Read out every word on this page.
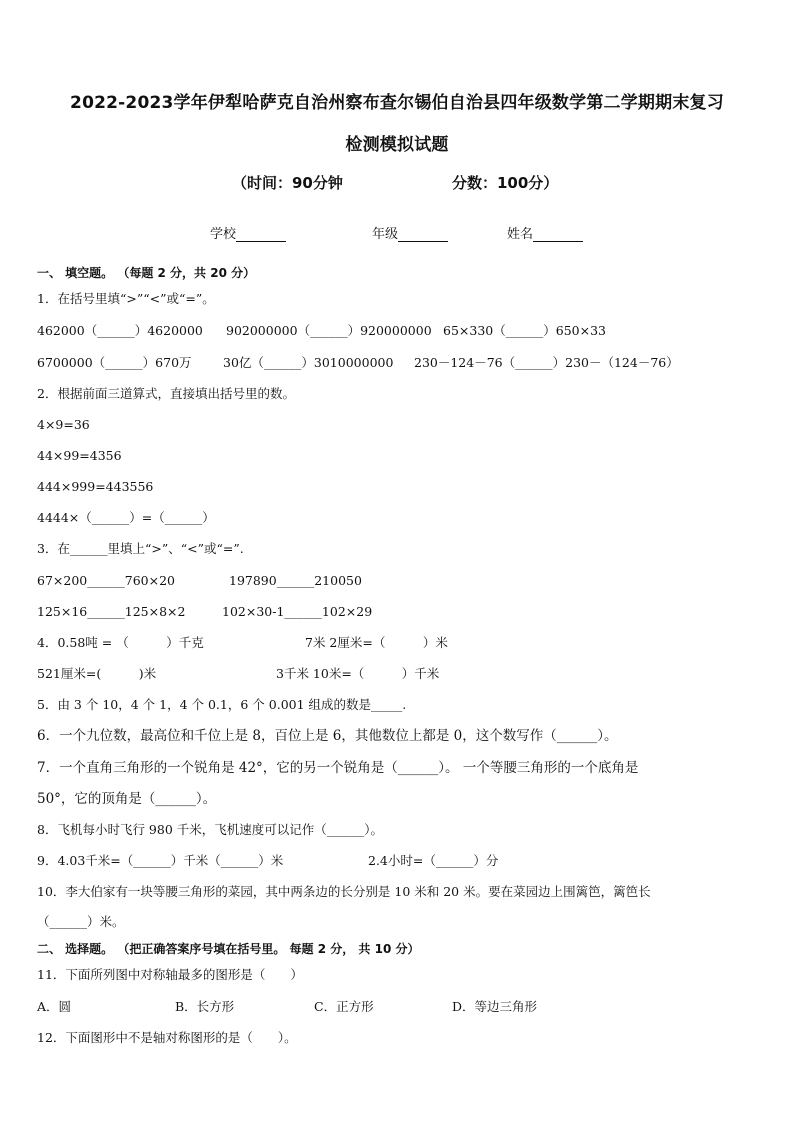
2022-2023学年伊犁哈萨克自治州察布查尔锡伯自治县四年级数学第二学期期末复习
检测模拟试题
（时间：90分钟	分数：100分）
学校	年级	姓名
一、 填空题。 （每题 2 分，共 20 分）
1．在括号里填“>”“<”或“=”。
462000（______）4620000 902000000（______）920000000 65×330（______）650×33
6700000（______）670万	30亿（______）3010000000 230－124－76（______）230－（124－76）
2．根据前面三道算式，直接填出括号里的数。
4×9=36
44×99=4356
444×999=443556
4444×（______）=（______）
3．在______里填上“>”、“<”或“=”.
67×200______760×20	197890______210050
125×16______125×8×2	102×30-1______102×29
4．0.58吨 = （　　　）千克	7米 2厘米=（　　　）米
521厘米=(　　　)米	3千米 10米=（　　　）千米
5．由 3 个 10，4 个 1，4 个 0.1，6 个 0.001 组成的数是_____.
6．一个九位数，最高位和千位上是 8，百位上是 6，其他数位上都是 0，这个数写作（______）。
7．一个直角三角形的一个锐角是 42°，它的另一个锐角是（______）。 一个等腰三角形的一个底角是
50°，它的顶角是（______）。
8．飞机每小时飞行 980 千米，飞机速度可以记作（______）。
9．4.03千米=（______）千米（______）米	2.4小时=（______）分
10．李大伯家有一块等腰三角形的菜园，其中两条边的长分别是 10 米和 20 米。要在菜园边上围篱笆，篱笆长
（______）米。
二、 选择题。 （把正确答案序号填在括号里。 每题 2 分， 共 10 分）
11．下面所列图中对称轴最多的图形是（　　）
A．圆	B．长方形	C．正方形	D．等边三角形
12．下面图形中不是轴对称图形的是（　　）。
